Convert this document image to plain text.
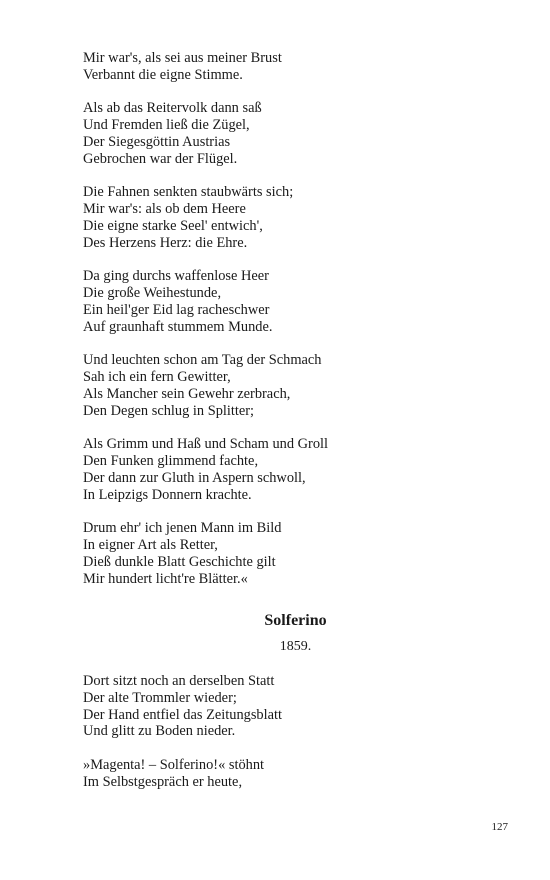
Mir war's, als sei aus meiner Brust
Verbannt die eigne Stimme.
Als ab das Reitervolk dann saß
Und Fremden ließ die Zügel,
Der Siegesgöttin Austrias
Gebrochen war der Flügel.
Die Fahnen senkten staubwärts sich;
Mir war's: als ob dem Heere
Die eigne starke Seel' entwich',
Des Herzens Herz: die Ehre.
Da ging durchs waffenlose Heer
Die große Weihestunde,
Ein heil'ger Eid lag racheschwer
Auf graunhaft stummem Munde.
Und leuchten schon am Tag der Schmach
Sah ich ein fern Gewitter,
Als Mancher sein Gewehr zerbrach,
Den Degen schlug in Splitter;
Als Grimm und Haß und Scham und Groll
Den Funken glimmend fachte,
Der dann zur Gluth in Aspern schwoll,
In Leipzigs Donnern krachte.
Drum ehr' ich jenen Mann im Bild
In eigner Art als Retter,
Dieß dunkle Blatt Geschichte gilt
Mir hundert licht're Blätter.«
Solferino
1859.
Dort sitzt noch an derselben Statt
Der alte Trommler wieder;
Der Hand entfiel das Zeitungsblatt
Und glitt zu Boden nieder.
»Magenta! – Solferino!« stöhnt
Im Selbstgespräch er heute,
127
